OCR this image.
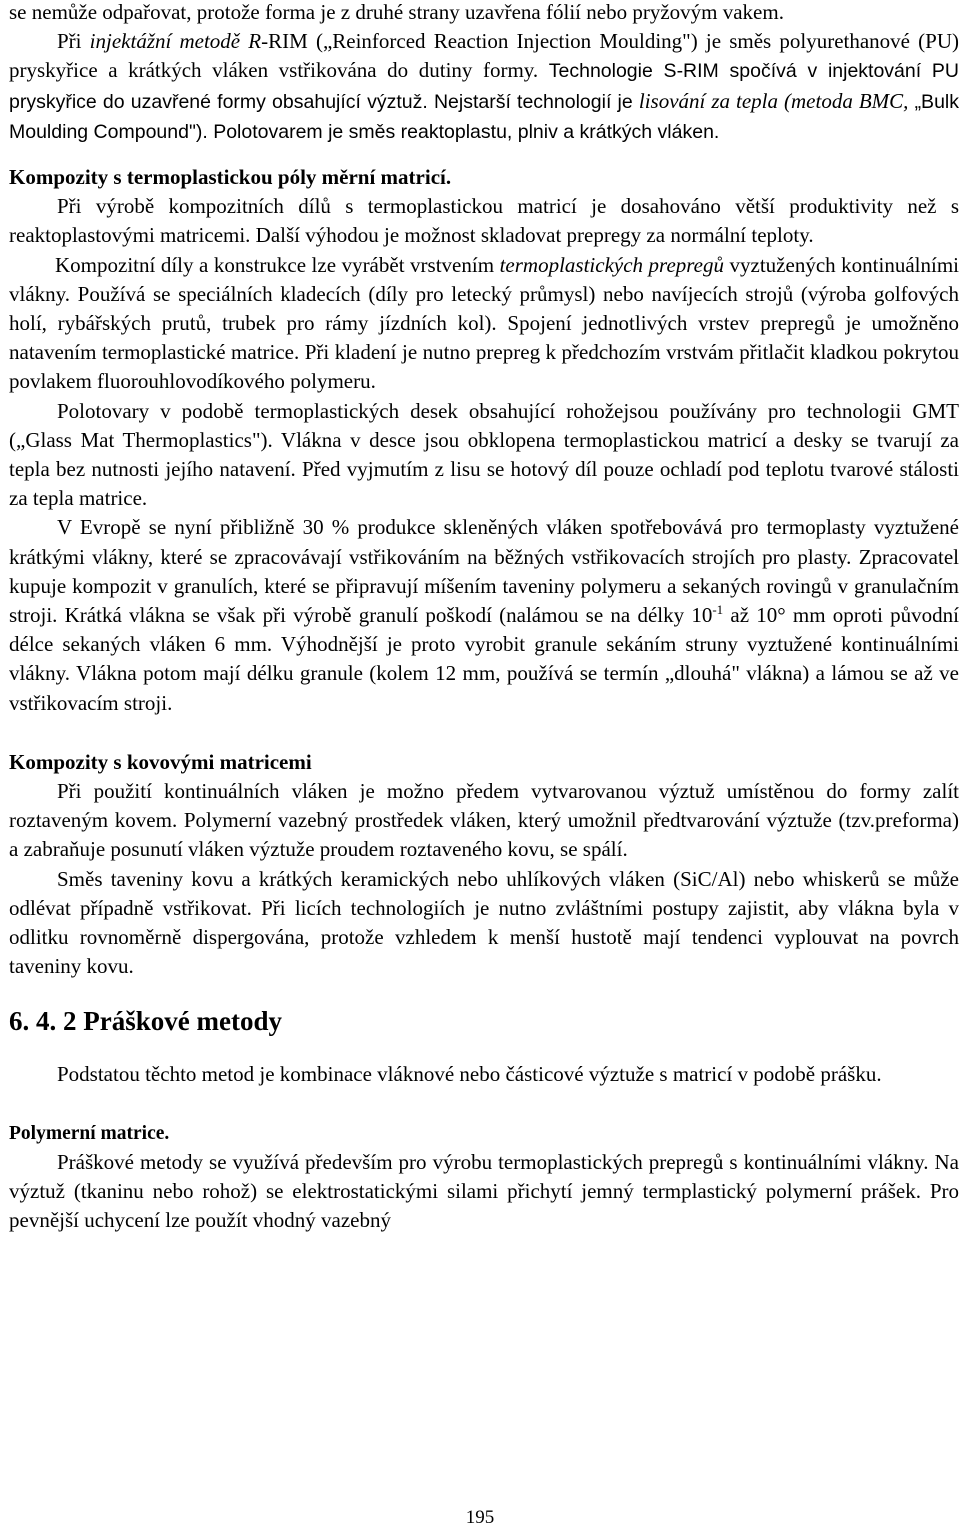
se nemůže odpařovat, protože forma je z druhé strany uzavřena fólií nebo pryžovým vakem.
Při injektážní metodě R-RIM („Reinforced Reaction Injection Moulding") je směs polyurethanové (PU) pryskyřice a krátkých vláken vstřikována do dutiny formy. Technologie S-RIM spočívá v injektování PU pryskyřice do uzavřené formy obsahující výztuž. Nejstarší technologií je lisování za tepla (metoda BMC, „Bulk Moulding Compound"). Polotovarem je směs reaktoplastu, plniv a krátkých vláken.

Kompozity s termoplastickou póly měrní matricí.

Při výrobě kompozitních dílů s termoplastickou matricí je dosahováno větší produktivity než s reaktoplastovými matricemi. Další výhodou je možnost skladovat prepregy za normální teploty.

Kompozitní díly a konstrukce lze vyrábět vrstvením termoplastických prepregů vyztužených kontinuálními vlákny. Používá se speciálních kladecích (díly pro letecký průmysl) nebo navíjecích strojů (výroba golfových holí, rybářských prutů, trubek pro rámy jízdních kol). Spojení jednotlivých vrstev prepregů je umožněno natavením termoplastické matrice. Při kladení je nutno prepreg k předchozím vrstvám přitlačit kladkou pokrytou povlakem fluorouhlovodíkového polymeru.

Polotovary v podobě termoplastických desek obsahující rohožejsou používány pro technologii GMT („Glass Mat Thermoplastics"). Vlákna v desce jsou obklopena termoplastickou matricí a desky se tvarují za tepla bez nutnosti jejího natavení. Před vyjmutím z lisu se hotový díl pouze ochladí pod teplotu tvarové stálosti za tepla matrice.

V Evropě se nyní přibližně 30 % produkce skleněných vláken spotřebovává pro termoplasty vyztužené krátkými vlákny, které se zpracovávají vstřikováním na běžných vstřikovacích strojích pro plasty. Zpracovatel kupuje kompozit v granulích, které se připravují míšením taveniny polymeru a sekaných rovingů v granulačním stroji. Krátká vlákna se však při výrobě granulí poškodí (nalámou se na délky $10^{-1}$ až 10° mm oproti původní délce sekaných vláken 6 mm. Výhodnější je proto vyrobit granule sekáním struny vyztužené kontinuálními vlákny. Vlákna potom mají délku granule (kolem 12 mm, používá se termín „dlouhá" vlákna) a lámou se až ve vstřikovacím stroji.

Kompozity s kovovými matricemi

Při použití kontinuálních vláken je možno předem vytvarovanou výztuž umístěnou do formy zalít roztaveným kovem. Polymerní vazebný prostředek vláken, který umožnil předtvarování výztuže (tzv.preforma) a zabraňuje posunutí vláken výztuže proudem roztaveného kovu, se spálí.

Směs taveniny kovu a krátkých keramických nebo uhlíkových vláken (SiC/Al) nebo whiskerů se může odlévat případně vstřikovat. Při licích technologiích je nutno zvláštními postupy zajistit, aby vlákna byla v odlitku rovnoměrně dispergována, protože vzhledem k menší hustotě mají tendenci vyplouvat na povrch taveniny kovu.

6. 4. 2 Práškové metody

Podstatou těchto metod je kombinace vláknové nebo částicové výztuže s matricí v podobě prášku.

Polymerní matrice.

Práškové metody se využívá především pro výrobu termoplastických prepregů s kontinuálními vlákny. Na výztuž (tkaninu nebo rohož) se elektrostatickými silami přichytí jemný termplastický polymerní prášek. Pro pevnější uchycení lze použít vhodný vazebný

195
